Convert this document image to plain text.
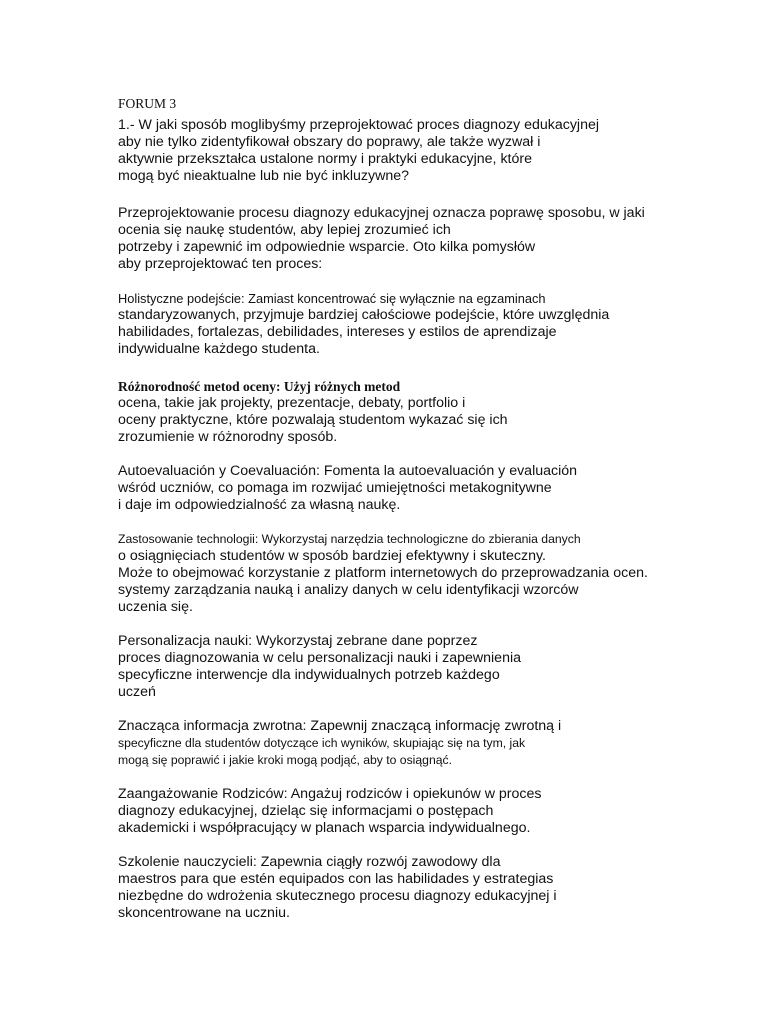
FORUM 3
1.- W jaki sposób moglibyśmy przeprojektować proces diagnozy edukacyjnej
aby nie tylko zidentyfikował obszary do poprawy, ale także wyzwał i
aktywnie przekształca ustalone normy i praktyki edukacyjne, które
mogą być nieaktualne lub nie być inkluzywne?
Przeprojektowanie procesu diagnozy edukacyjnej oznacza poprawę sposobu, w jaki
ocenia się naukę studentów, aby lepiej zrozumieć ich
potrzeby i zapewnić im odpowiednie wsparcie. Oto kilka pomysłów
aby przeprojektować ten proces:
Holistyczne podejście: Zamiast koncentrować się wyłącznie na egzaminach
standaryzowanych, przyjmuje bardziej całościowe podejście, które uwzględnia
habilidades, fortalezas, debilidades, intereses y estilos de aprendizaje
indywidualne każdego studenta.
Różnorodność metod oceny: Użyj różnych metod
ocena, takie jak projekty, prezentacje, debaty, portfolio i
oceny praktyczne, które pozwalają studentom wykazać się ich
zrozumienie w różnorodny sposób.
Autoevaluación y Coevaluación: Fomenta la autoevaluación y evaluación
wśród uczniów, co pomaga im rozwijać umiejętności metakognitywne
i daje im odpowiedzialność za własną naukę.
Zastosowanie technologii: Wykorzystaj narzędzia technologiczne do zbierania danych
o osiągnięciach studentów w sposób bardziej efektywny i skuteczny.
Może to obejmować korzystanie z platform internetowych do przeprowadzania ocen.
systemy zarządzania nauką i analizy danych w celu identyfikacji wzorców
uczenia się.
Personalizacja nauki: Wykorzystaj zebrane dane poprzez
proces diagnozowania w celu personalizacji nauki i zapewnienia
specyficzne interwencje dla indywidualnych potrzeb każdego
uczeń
Znacząca informacja zwrotna: Zapewnij znaczącą informację zwrotną i
specyficzne dla studentów dotyczące ich wyników, skupiając się na tym, jak
mogą się poprawić i jakie kroki mogą podjąć, aby to osiągnąć.
Zaangażowanie Rodziców: Angażuj rodziców i opiekunów w proces
diagnozy edukacyjnej, dzieląc się informacjami o postępach
akademicki i współpracujący w planach wsparcia indywidualnego.
Szkolenie nauczycieli: Zapewnia ciągły rozwój zawodowy dla
maestros para que estén equipados con las habilidades y estrategias
niezbędne do wdrożenia skutecznego procesu diagnozy edukacyjnej i
skoncentrowane na uczniu.
